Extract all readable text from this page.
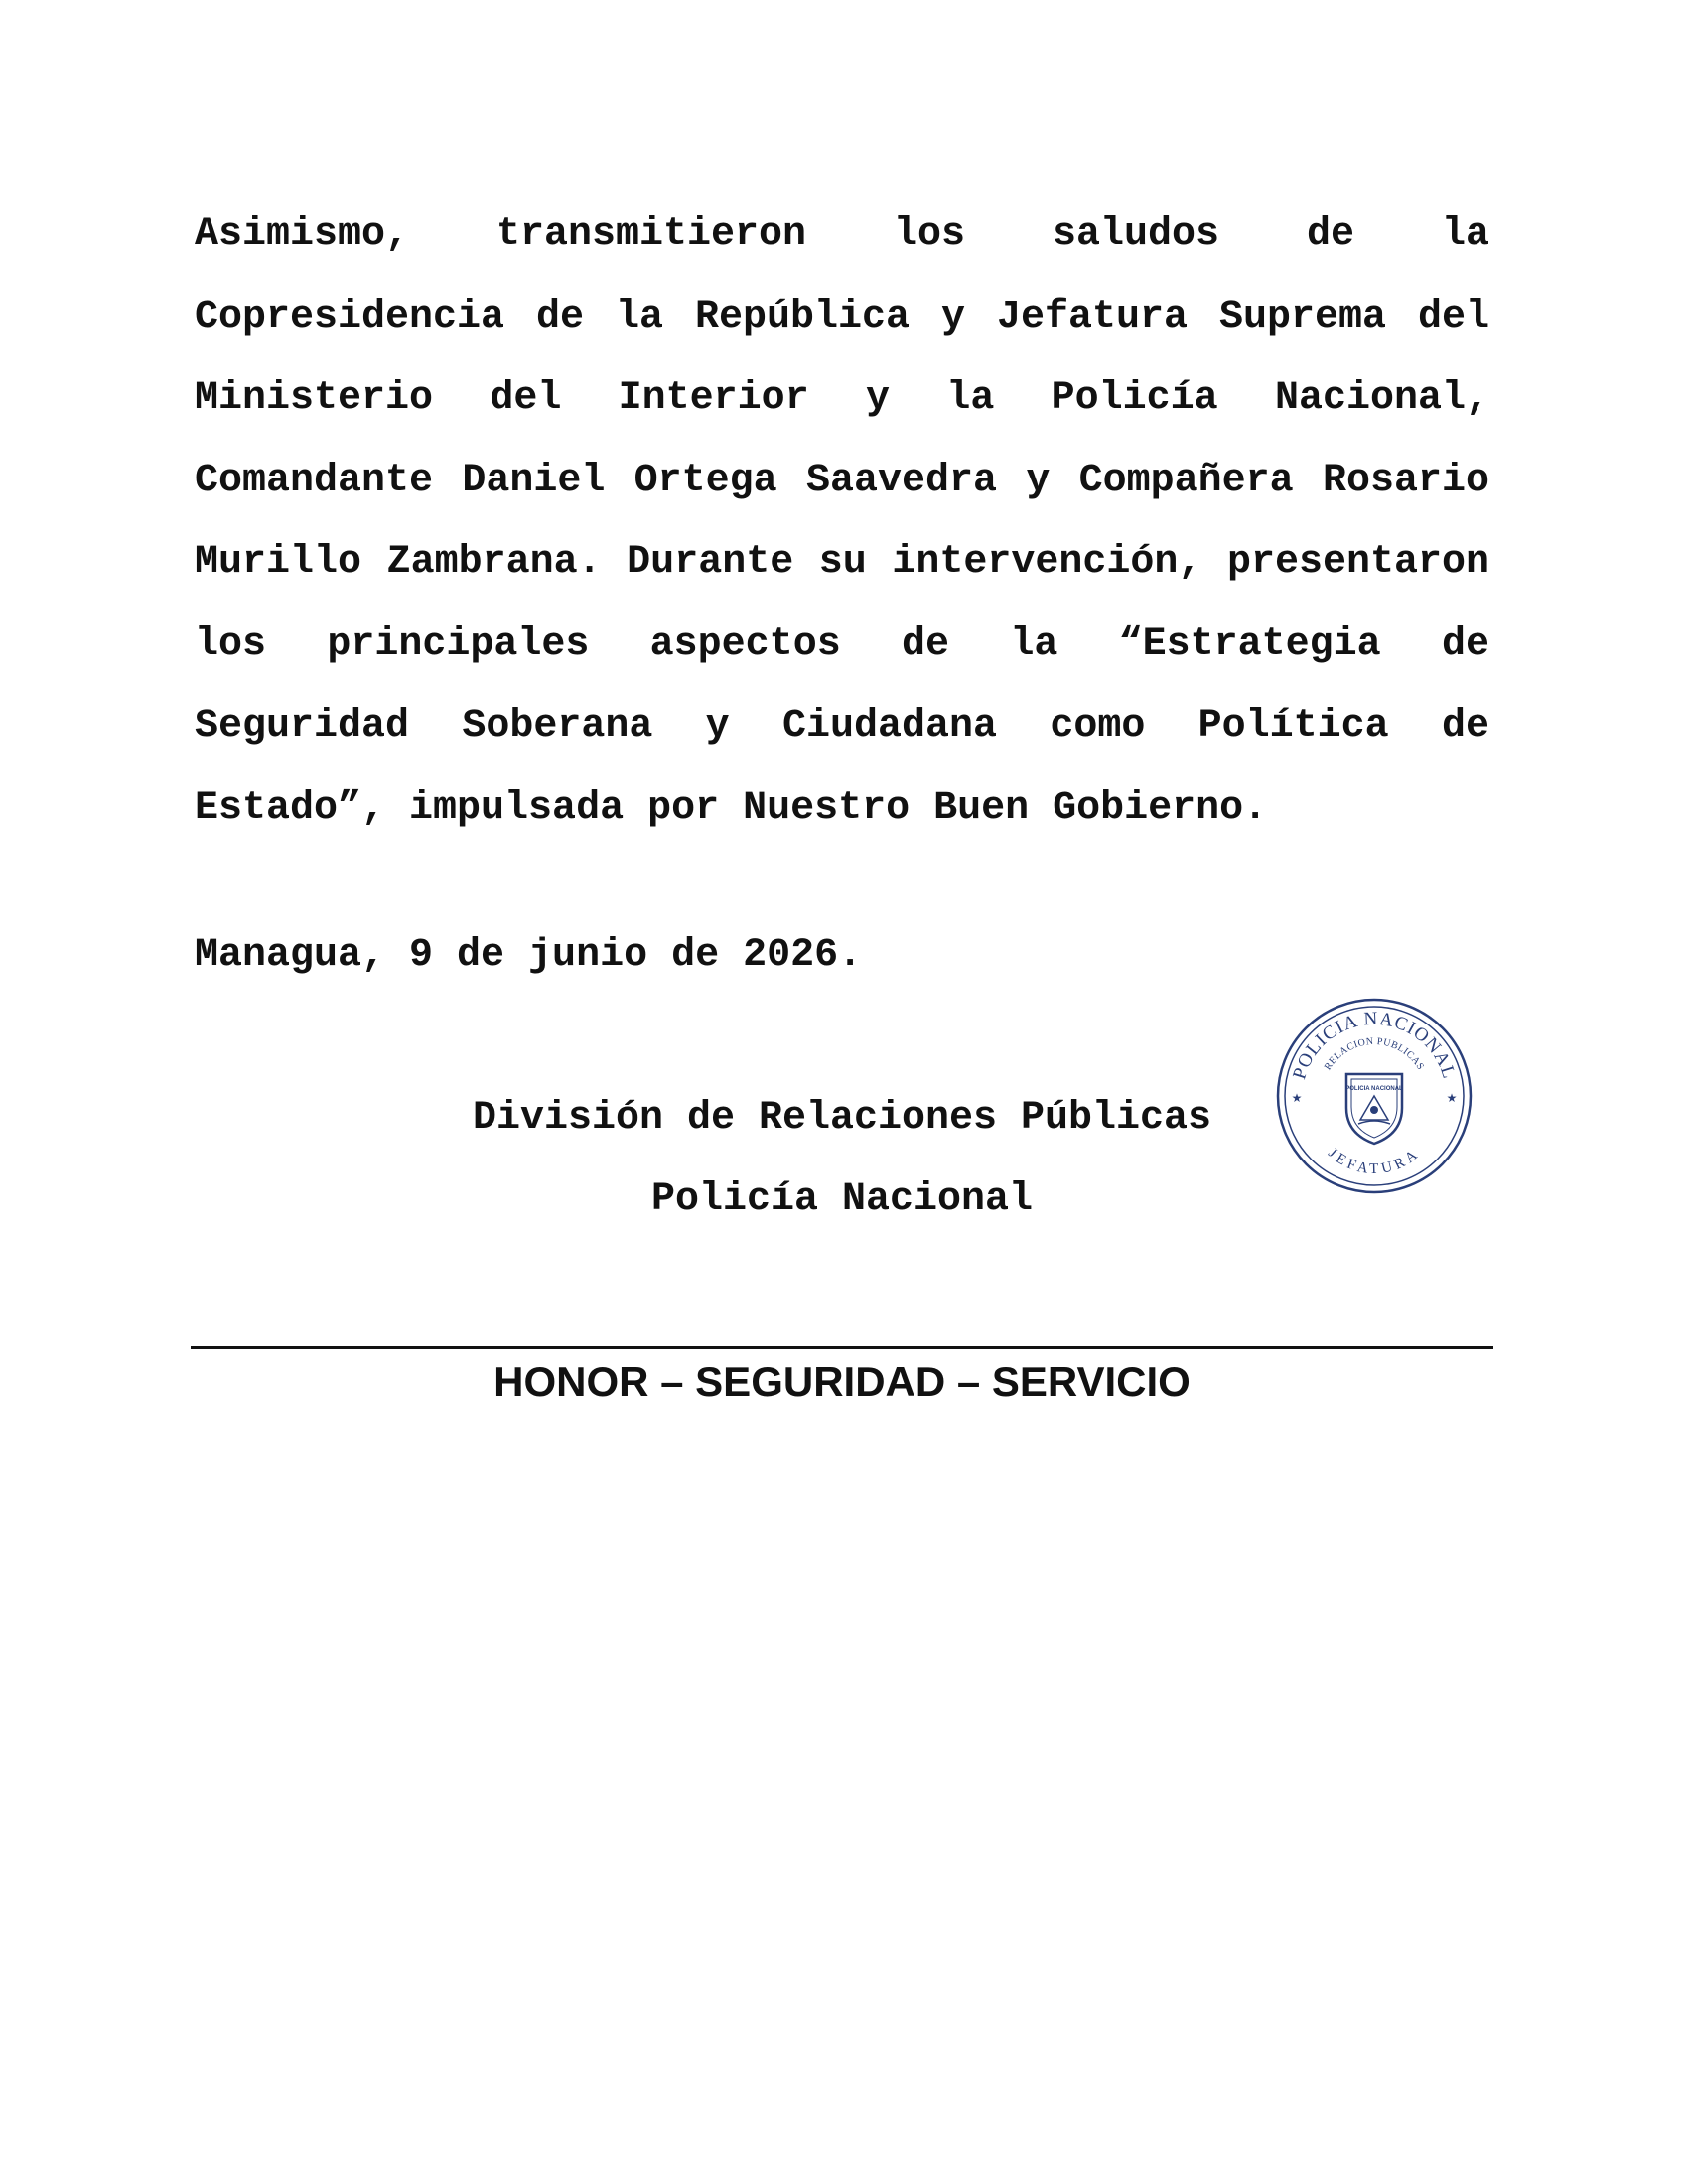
Asimismo, transmitieron los saludos de la Copresidencia de la República y Jefatura Suprema del Ministerio del Interior y la Policía Nacional, Comandante Daniel Ortega Saavedra y Compañera Rosario Murillo Zambrana. Durante su intervención, presentaron los principales aspectos de la “Estrategia de Seguridad Soberana y Ciudadana como Política de Estado”, impulsada por Nuestro Buen Gobierno.

Managua, 9 de junio de 2026.

División de Relaciones Públicas
Policía Nacional

POLICIA NACIONAL
RELACION PUBLICAS
JEFATURA
★	★
POLICIA NACIONAL

HONOR – SEGURIDAD – SERVICIO
